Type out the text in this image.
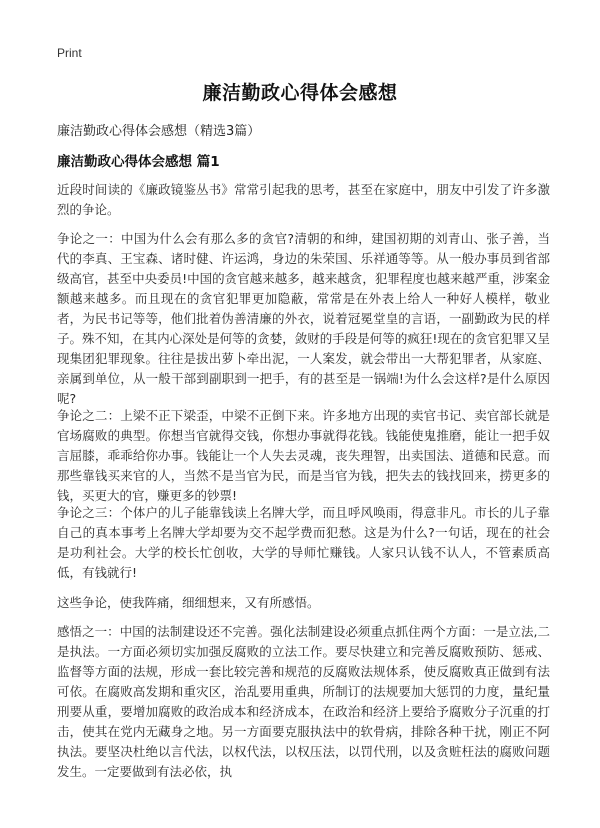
Print
廉洁勤政心得体会感想
廉洁勤政心得体会感想（精选3篇）
廉洁勤政心得体会感想 篇1

近段时间读的《廉政镜鉴丛书》常常引起我的思考，甚至在家庭中，朋友中引发了许多激烈的争论。

争论之一：中国为什么会有那么多的贪官?清朝的和绅，建国初期的刘青山、张子善，当代的李真、王宝森、诸时健、许运鸿，身边的朱荣国、乐祥通等等。从一般办事员到省部级高官，甚至中央委员!中国的贪官越来越多，越来越贪，犯罪程度也越来越严重，涉案金额越来越多。而且现在的贪官犯罪更加隐蔽，常常是在外表上给人一种好人模样，敬业者，为民书记等等，他们批着伪善清廉的外衣，说着冠冕堂皇的言语，一副勤政为民的样子。殊不知，在其内心深处是何等的贪婪，敛财的手段是何等的疯狂!现在的贪官犯罪又呈现集团犯罪现象。往往是拔出萝卜牵出泥，一人案发，就会带出一大帮犯罪者，从家庭、亲属到单位，从一般干部到副职到一把手，有的甚至是一锅端!为什么会这样?是什么原因呢?

争论之二：上梁不正下梁歪，中梁不正倒下来。许多地方出现的卖官书记、卖官部长就是官场腐败的典型。你想当官就得交钱，你想办事就得花钱。钱能使鬼推磨，能让一把手奴言屈膝，乖乖给你办事。钱能让一个人失去灵魂，丧失理智，出卖国法、道德和民意。而那些靠钱买来官的人，当然不是当官为民，而是当官为钱，把失去的钱找回来，捞更多的钱，买更大的官，赚更多的钞票!

争论之三：个体户的儿子能靠钱读上名牌大学，而且呼风唤雨，得意非凡。市长的儿子靠自己的真本事考上名牌大学却要为交不起学费而犯愁。这是为什么?一句话，现在的社会是功利社会。大学的校长忙创收，大学的导师忙赚钱。人家只认钱不认人，不管素质高低，有钱就行!

这些争论，使我阵痛，细细想来，又有所感悟。

感悟之一：中国的法制建设还不完善。强化法制建设必须重点抓住两个方面：一是立法,二是执法。一方面必须切实加强反腐败的立法工作。要尽快建立和完善反腐败预防、惩戒、监督等方面的法规，形成一套比较完善和规范的反腐败法规体系，使反腐败真正做到有法可依。在腐败高发期和重灾区，治乱要用重典，所制订的法规要加大惩罚的力度，量纪量刑要从重，要增加腐败的政治成本和经济成本，在政治和经济上要给予腐败分子沉重的打击，使其在党内无藏身之地。另一方面要克服执法中的软骨病，排除各种干扰，刚正不阿执法。要坚决杜绝以言代法，以权代法，以权压法，以罚代刑，以及贪赃枉法的腐败问题发生。一定要做到有法必依，执
